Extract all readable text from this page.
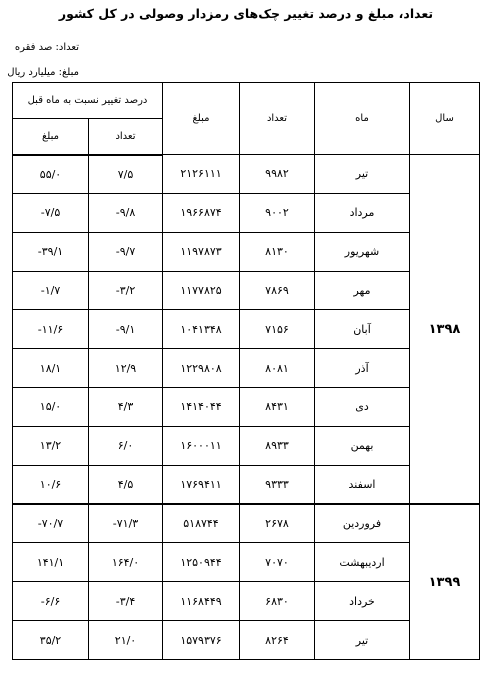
تعداد، مبلغ و درصد تغییر چک‌های رمزدار وصولی در کل کشور
تعداد: صد فقره
مبلغ: میلیارد ریال
سال	ماه	تعداد	مبلغ	درصد تغییر نسبت به ماه قبل	
				تعداد	مبلغ
۱۳۹۸	تیر	۹۹۸۲	۲۱۲۶۱۱۱	۷/۵	۵۵/۰
	مرداد	۹۰۰۲	۱۹۶۶۸۷۴	-۹/۸	-۷/۵
	شهریور	۸۱۳۰	۱۱۹۷۸۷۳	-۹/۷	-۳۹/۱
	مهر	۷۸۶۹	۱۱۷۷۸۲۵	-۳/۲	-۱/۷
	آبان	۷۱۵۶	۱۰۴۱۳۴۸	-۹/۱	-۱۱/۶
	آذر	۸۰۸۱	۱۲۲۹۸۰۸	۱۲/۹	۱۸/۱
	دی	۸۴۳۱	۱۴۱۴۰۴۴	۴/۳	۱۵/۰
	بهمن	۸۹۳۳	۱۶۰۰۰۱۱	۶/۰	۱۳/۲
	اسفند	۹۳۳۳	۱۷۶۹۴۱۱	۴/۵	۱۰/۶
۱۳۹۹	فروردین	۲۶۷۸	۵۱۸۷۴۴	-۷۱/۳	-۷۰/۷
	اردیبهشت	۷۰۷۰	۱۲۵۰۹۴۴	۱۶۴/۰	۱۴۱/۱
	خرداد	۶۸۳۰	۱۱۶۸۴۴۹	-۳/۴	-۶/۶
	تیر	۸۲۶۴	۱۵۷۹۳۷۶	۲۱/۰	۳۵/۲
